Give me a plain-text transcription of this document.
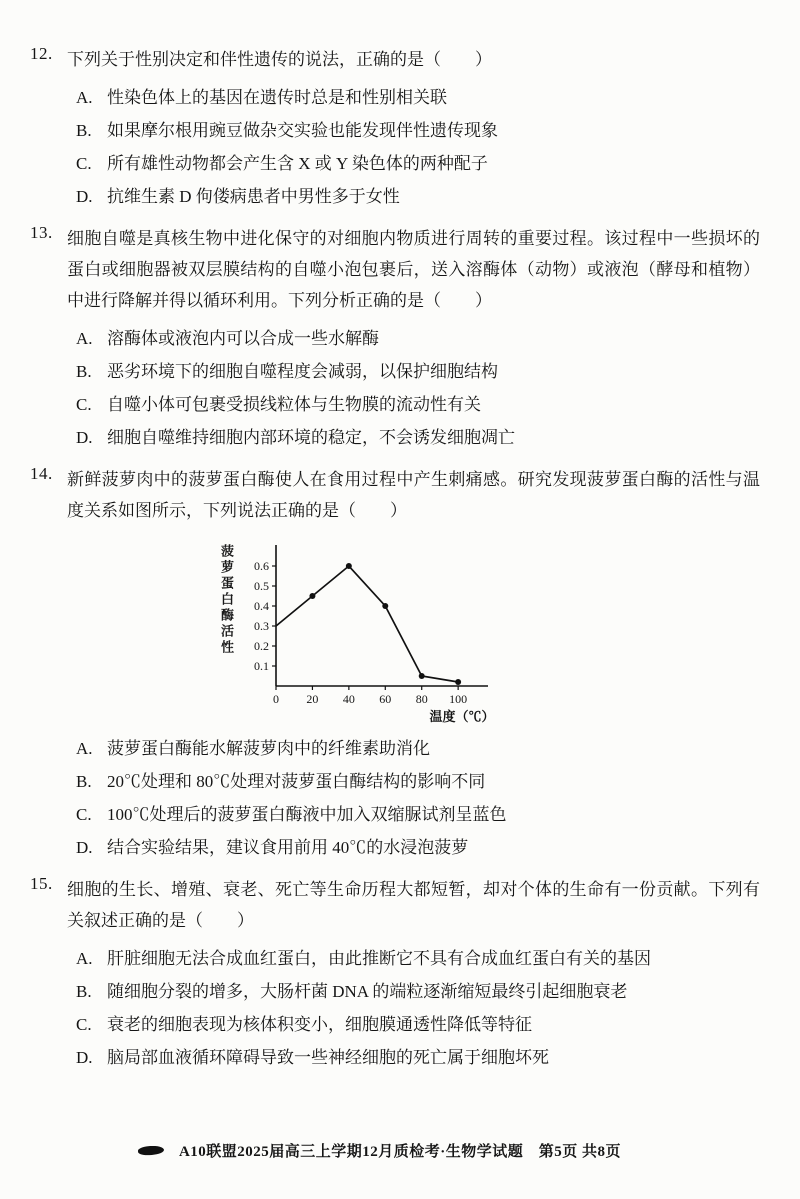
12. 下列关于性别决定和伴性遗传的说法，正确的是（　　）
A. 性染色体上的基因在遗传时总是和性别相关联
B. 如果摩尔根用豌豆做杂交实验也能发现伴性遗传现象
C. 所有雄性动物都会产生含 X 或 Y 染色体的两种配子
D. 抗维生素 D 佝偻病患者中男性多于女性
13. 细胞自噬是真核生物中进化保守的对细胞内物质进行周转的重要过程。该过程中一些损坏的蛋白或细胞器被双层膜结构的自噬小泡包裹后，送入溶酶体（动物）或液泡（酵母和植物）中进行降解并得以循环利用。下列分析正确的是（　　）
A. 溶酶体或液泡内可以合成一些水解酶
B. 恶劣环境下的细胞自噬程度会减弱，以保护细胞结构
C. 自噬小体可包裹受损线粒体与生物膜的流动性有关
D. 细胞自噬维持细胞内部环境的稳定，不会诱发细胞凋亡
14. 新鲜菠萝肉中的菠萝蛋白酶使人在食用过程中产生刺痛感。研究发现菠萝蛋白酶的活性与温度关系如图所示，下列说法正确的是（　　）
菠萝蛋白酶活性
0.1
0.2
0.3
0.4
0.5
0.6
0 20 40 60 80 100
温度（℃）
A. 菠萝蛋白酶能水解菠萝肉中的纤维素助消化
B. 20℃处理和 80℃处理对菠萝蛋白酶结构的影响不同
C. 100℃处理后的菠萝蛋白酶液中加入双缩脲试剂呈蓝色
D. 结合实验结果，建议食用前用 40℃的水浸泡菠萝
15. 细胞的生长、增殖、衰老、死亡等生命历程大都短暂，却对个体的生命有一份贡献。下列有关叙述正确的是（　　）
A. 肝脏细胞无法合成血红蛋白，由此推断它不具有合成血红蛋白有关的基因
B. 随细胞分裂的增多，大肠杆菌 DNA 的端粒逐渐缩短最终引起细胞衰老
C. 衰老的细胞表现为核体积变小，细胞膜通透性降低等特征
D. 脑局部血液循环障碍导致一些神经细胞的死亡属于细胞坏死
A10联盟2025届高三上学期12月质检考·生物学试题　第5页 共8页
